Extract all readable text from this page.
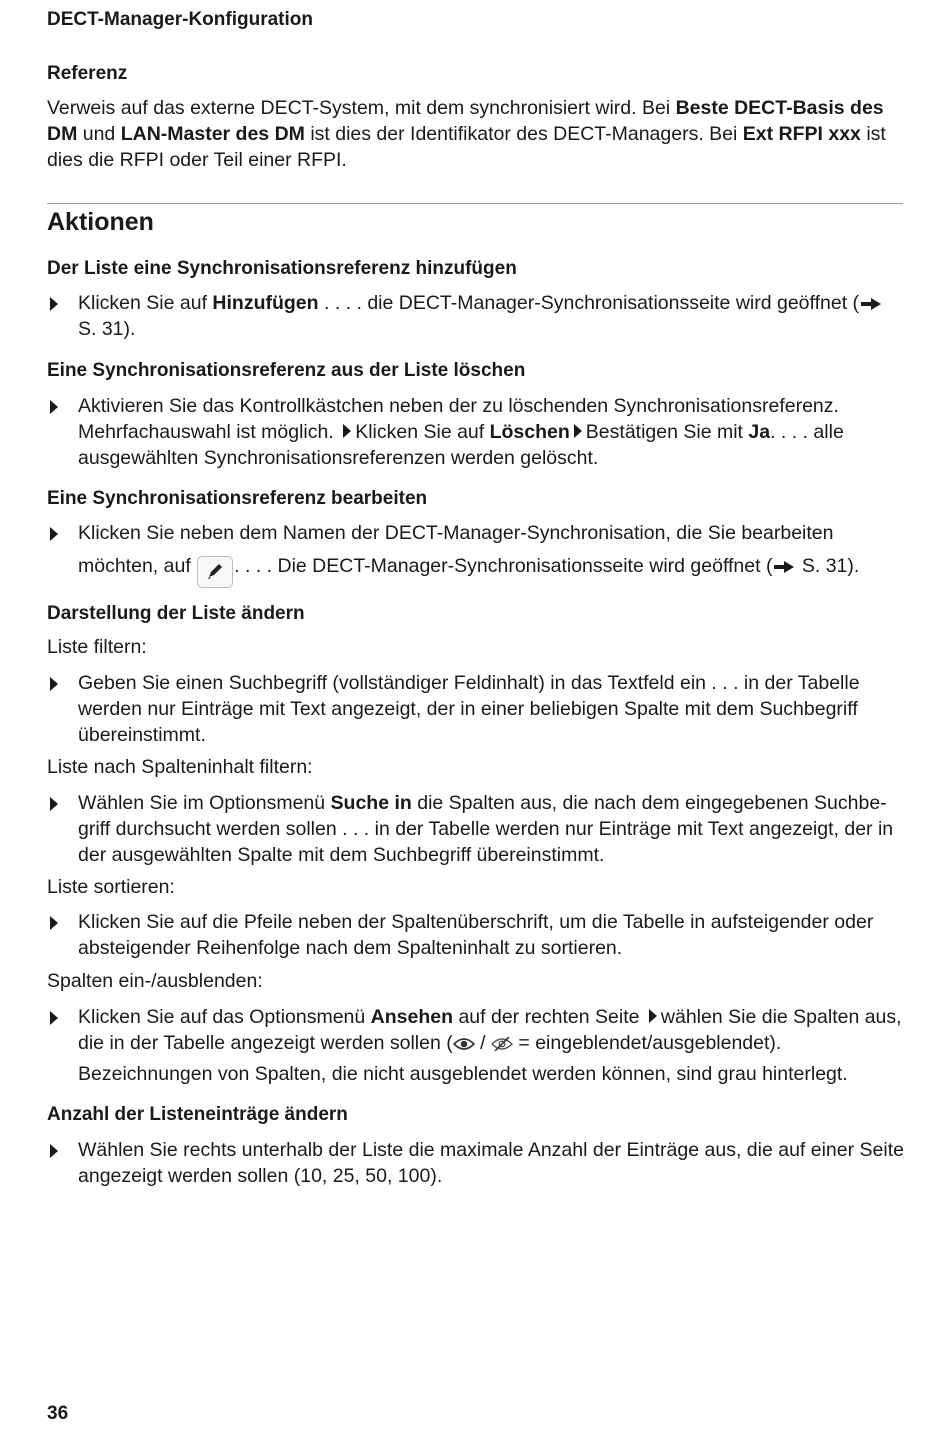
DECT-Manager-Konfiguration
Referenz

Verweis auf das externe DECT-System, mit dem synchronisiert wird. Bei Beste DECT-Basis des DM und LAN-Master des DM ist dies der Identifikator des DECT-Managers. Bei Ext RFPI xxx ist dies die RFPI oder Teil einer RFPI.

Aktionen
Der Liste eine Synchronisationsreferenz hinzufügen

Klicken Sie auf Hinzufügen . . . . die DECT-Manager-Synchronisationsseite wird geöffnet ( S. 31).

Eine Synchronisationsreferenz aus der Liste löschen

Aktivieren Sie das Kontrollkästchen neben der zu löschenden Synchronisationsreferenz. Mehrfachauswahl ist möglich. Klicken Sie auf Löschen Bestätigen Sie mit Ja. . . . alle ausgewählten Synchronisationsreferenzen werden gelöscht.

Eine Synchronisationsreferenz bearbeiten

Klicken Sie neben dem Namen der DECT-Manager-Synchronisation, die Sie bearbeiten möchten, auf . . . . Die DECT-Manager-Synchronisationsseite wird geöffnet ( S. 31).

Darstellung der Liste ändern
Liste filtern:

Geben Sie einen Suchbegriff (vollständiger Feldinhalt) in das Textfeld ein . . . in der Tabelle werden nur Einträge mit Text angezeigt, der in einer beliebigen Spalte mit dem Suchbegriff übereinstimmt.

Liste nach Spalteninhalt filtern:

Wählen Sie im Optionsmenü Suche in die Spalten aus, die nach dem eingegebenen Suchbe-griff durchsucht werden sollen . . . in der Tabelle werden nur Einträge mit Text angezeigt, der in der ausgewählten Spalte mit dem Suchbegriff übereinstimmt.

Liste sortieren:

Klicken Sie auf die Pfeile neben der Spaltenüberschrift, um die Tabelle in aufsteigender oder absteigender Reihenfolge nach dem Spalteninhalt zu sortieren.

Spalten ein-/ausblenden:

Klicken Sie auf das Optionsmenü Ansehen auf der rechten Seite wählen Sie die Spalten aus, die in der Tabelle angezeigt werden sollen ( /  = eingeblendet/ausgeblendet).

Bezeichnungen von Spalten, die nicht ausgeblendet werden können, sind grau hinterlegt.

Anzahl der Listeneinträge ändern

Wählen Sie rechts unterhalb der Liste die maximale Anzahl der Einträge aus, die auf einer Seite angezeigt werden sollen (10, 25, 50, 100).

36
